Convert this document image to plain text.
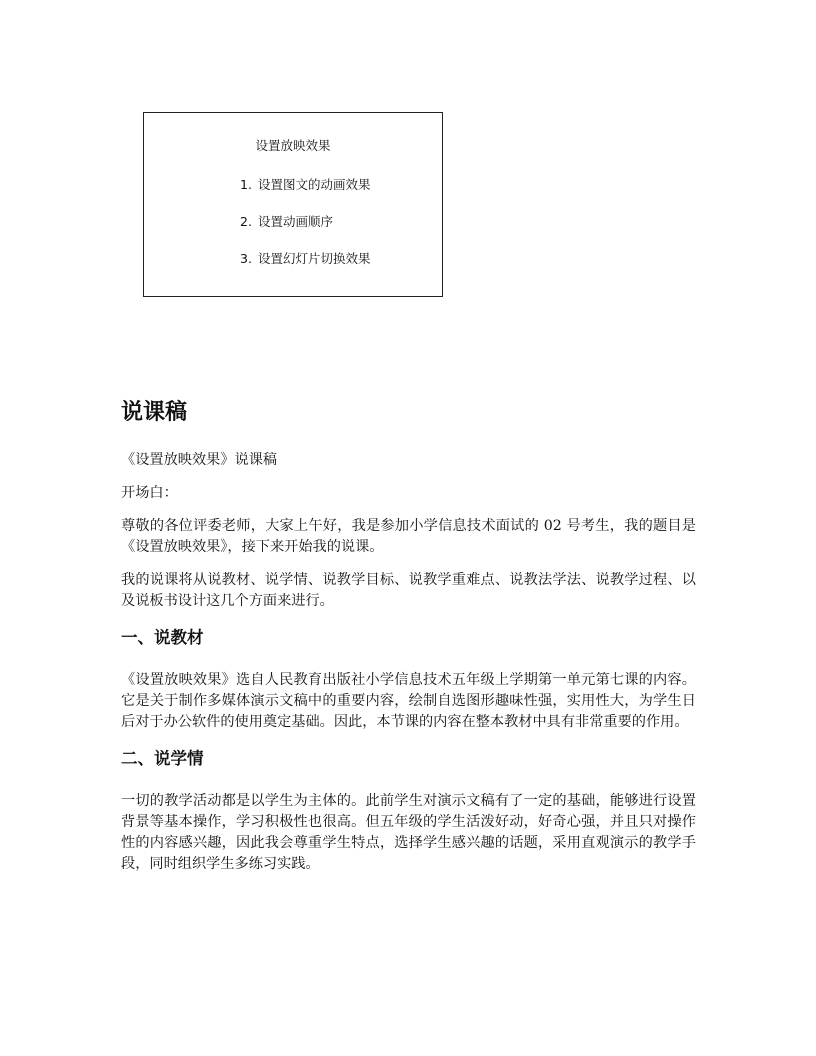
设置放映效果
1. 设置图文的动画效果
2. 设置动画顺序
3. 设置幻灯片切换效果
说课稿

《设置放映效果》说课稿

开场白：

尊敬的各位评委老师，大家上午好，我是参加小学信息技术面试的 02 号考生，我的题目是《设置放映效果》，接下来开始我的说课。

我的说课将从说教材、说学情、说教学目标、说教学重难点、说教法学法、说教学过程、以及说板书设计这几个方面来进行。

一、说教材

《设置放映效果》选自人民教育出版社小学信息技术五年级上学期第一单元第七课的内容。它是关于制作多媒体演示文稿中的重要内容，绘制自选图形趣味性强，实用性大，为学生日后对于办公软件的使用奠定基础。因此，本节课的内容在整本教材中具有非常重要的作用。

二、说学情

一切的教学活动都是以学生为主体的。此前学生对演示文稿有了一定的基础，能够进行设置背景等基本操作，学习积极性也很高。但五年级的学生活泼好动，好奇心强，并且只对操作性的内容感兴趣，因此我会尊重学生特点，选择学生感兴趣的话题，采用直观演示的教学手段，同时组织学生多练习实践。
